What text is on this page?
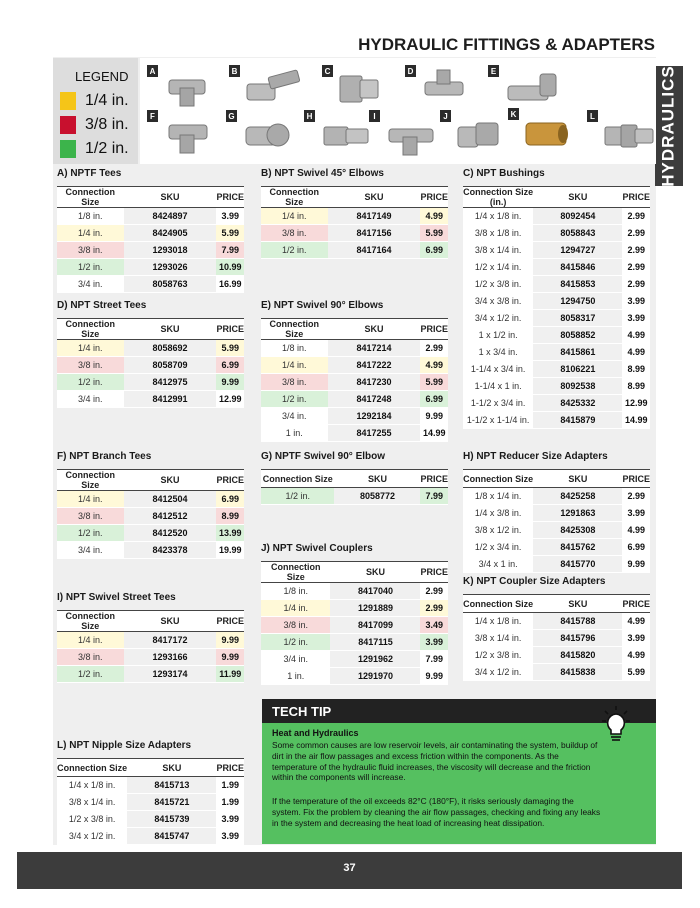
HYDRAULIC FITTINGS & ADAPTERS
HYDRAULICS
LEGEND
1/4 in.
3/8 in.
1/2 in.
A	B	C	D	E
F	G	H	I	J	K	L
A) NPTF Tees
	Connection Size	SKU	PRICE
	1/8 in.	8424897	3.99
	1/4 in.	8424905	5.99
	3/8 in.	1293018	7.99
	1/2 in.	1293026	10.99
	3/4 in.	8058763	16.99
B) NPT Swivel 45° Elbows
	Connection Size	SKU	PRICE
	1/4 in.	8417149	4.99
	3/8 in.	8417156	5.99
	1/2 in.	8417164	6.99
C) NPT Bushings
	Connection Size (in.)	SKU	PRICE
	1/4 x 1/8 in.	8092454	2.99
	3/8 x 1/8 in.	8058843	2.99
	3/8 x 1/4 in.	1294727	2.99
	1/2 x 1/4 in.	8415846	2.99
	1/2 x 3/8 in.	8415853	2.99
	3/4 x 3/8 in.	1294750	3.99
	3/4 x 1/2 in.	8058317	3.99
	1 x 1/2 in.	8058852	4.99
	1 x 3/4 in.	8415861	4.99
	1-1/4 x 3/4 in.	8106221	8.99
	1-1/4 x 1 in.	8092538	8.99
	1-1/2 x 3/4 in.	8425332	12.99
	1-1/2 x 1-1/4 in.	8415879	14.99
D) NPT Street Tees
	Connection Size	SKU	PRICE
	1/4 in.	8058692	5.99
	3/8 in.	8058709	6.99
	1/2 in.	8412975	9.99
	3/4 in.	8412991	12.99
E) NPT Swivel 90° Elbows
	Connection Size	SKU	PRICE
	1/8 in.	8417214	2.99
	1/4 in.	8417222	4.99
	3/8 in.	8417230	5.99
	1/2 in.	8417248	6.99
	3/4 in.	1292184	9.99
	1 in.	8417255	14.99
F) NPT Branch Tees
	Connection Size	SKU	PRICE
	1/4 in.	8412504	6.99
	3/8 in.	8412512	8.99
	1/2 in.	8412520	13.99
	3/4 in.	8423378	19.99
G) NPTF Swivel 90° Elbow
	Connection Size	SKU	PRICE
	1/2 in.	8058772	7.99
H) NPT Reducer Size Adapters
	Connection Size	SKU	PRICE
	1/8 x 1/4 in.	8425258	2.99
	1/4 x 3/8 in.	1291863	3.99
	3/8 x 1/2 in.	8425308	4.99
	1/2 x 3/4 in.	8415762	6.99
	3/4 x 1 in.	8415770	9.99
I) NPT Swivel Street Tees
	Connection Size	SKU	PRICE
	1/4 in.	8417172	9.99
	3/8 in.	1293166	9.99
	1/2 in.	1293174	11.99
J) NPT Swivel Couplers
	Connection Size	SKU	PRICE
	1/8 in.	8417040	2.99
	1/4 in.	1291889	2.99
	3/8 in.	8417099	3.49
	1/2 in.	8417115	3.99
	3/4 in.	1291962	7.99
	1 in.	1291970	9.99
K) NPT Coupler Size Adapters
	Connection Size	SKU	PRICE
	1/4 x 1/8 in.	8415788	4.99
	3/8 x 1/4 in.	8415796	3.99
	1/2 x 3/8 in.	8415820	4.99
	3/4 x 1/2 in.	8415838	5.99
L) NPT Nipple Size Adapters
	Connection Size	SKU	PRICE
	1/4 x 1/8 in.	8415713	1.99
	3/8 x 1/4 in.	8415721	1.99
	1/2 x 3/8 in.	8415739	3.99
	3/4 x 1/2 in.	8415747	3.99
TECH TIP
Heat and Hydraulics
Some common causes are low reservoir levels, air contaminating the system, buildup of dirt in the air flow passages and excess friction within the components. As the temperature of the hydraulic fluid increases, the viscosity will decrease and the friction within the components will increase.
If the temperature of the oil exceeds 82°C (180°F), it risks seriously damaging the system. Fix the problem by cleaning the air flow passages, checking and fixing any leaks in the system and decreasing the heat load of increasing heat dissipation.
37
